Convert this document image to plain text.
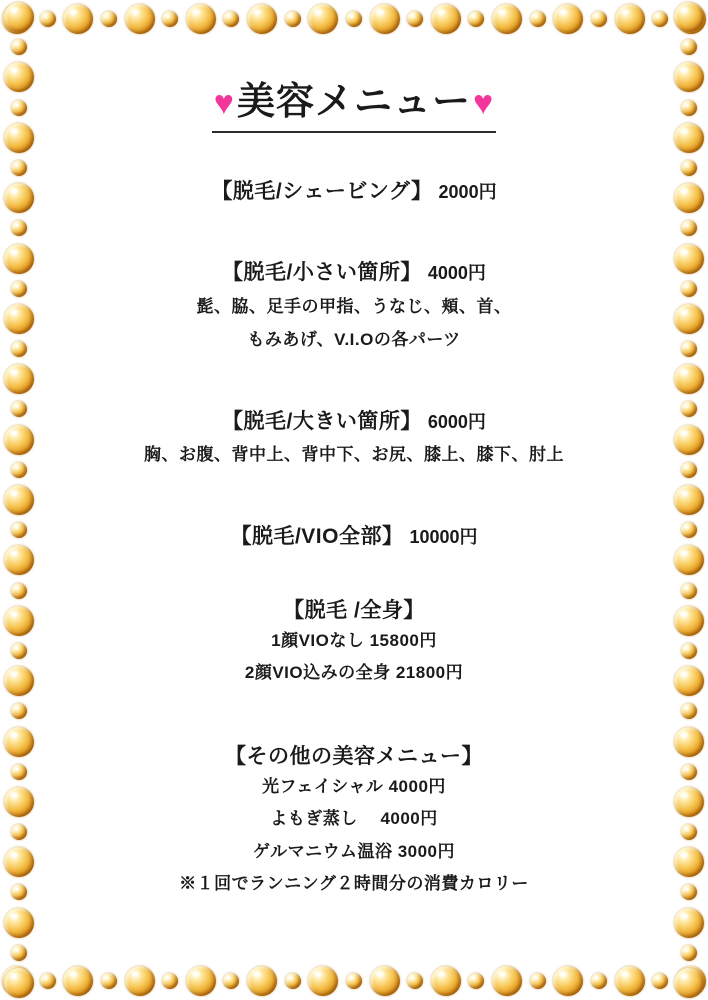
♥美容メニュー♥
【脱毛/シェービング】 2000円
【脱毛/小さい箇所】 4000円
髭、脇、足手の甲指、うなじ、頬、首、
もみあげ、V.I.Oの各パーツ
【脱毛/大きい箇所】 6000円
胸、お腹、背中上、背中下、お尻、膝上、膝下、肘上
【脱毛/VIO全部】 10000円
【脱毛 /全身】
1顔VIOなし 15800円
2顔VIO込みの全身 21800円
【その他の美容メニュー】
光フェイシャル 4000円
よもぎ蒸し　 4000円
ゲルマニウム温浴 3000円
※１回でランニング２時間分の消費カロリー
